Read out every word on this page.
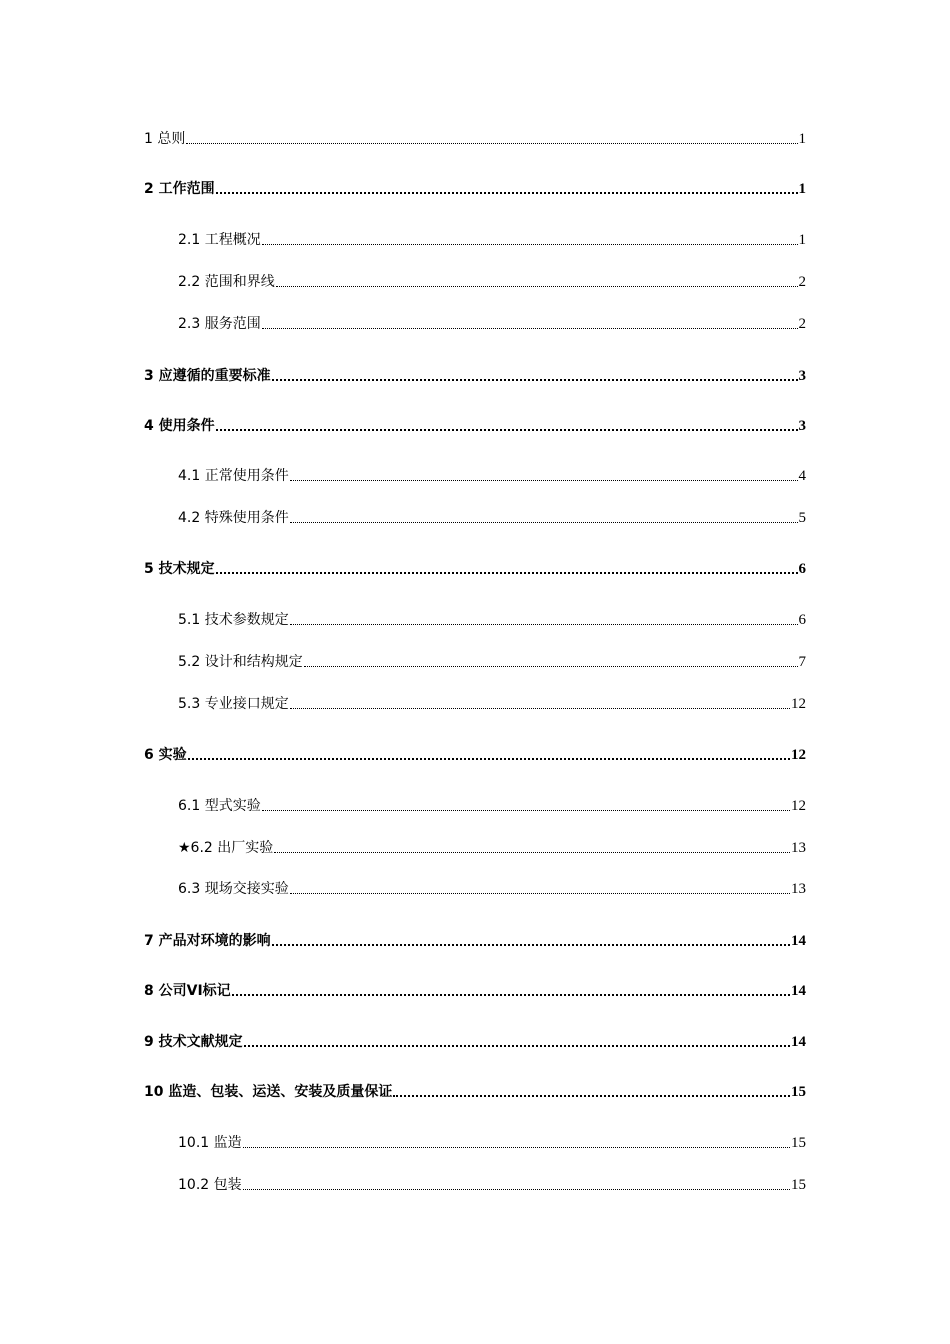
1 总则	1
2 工作范围	1
2.1 工程概况	1
2.2 范围和界线	2
2.3 服务范围	2
3 应遵循的重要标准	3
4 使用条件	3
4.1 正常使用条件	4
4.2 特殊使用条件	5
5 技术规定	6
5.1 技术参数规定	6
5.2 设计和结构规定	7
5.3 专业接口规定	12
6 实验	12
6.1 型式实验	12
★6.2 出厂实验	13
6.3 现场交接实验	13
7 产品对环境的影响	14
8 公司VI标记	14
9 技术文献规定	14
10 监造、包装、运送、安装及质量保证	15
10.1 监造	15
10.2 包装	15
